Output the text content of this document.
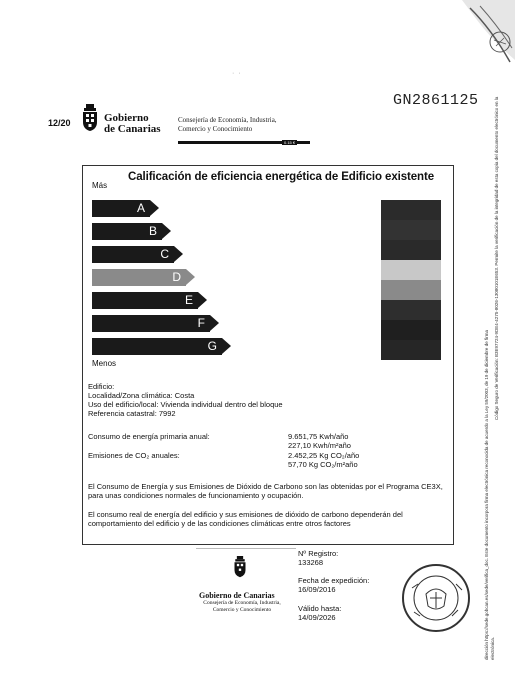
· ·
GN2861125
12/20	Gobierno
de Canarias
Consejería de Economía, Industria,
Comercio y Conocimiento
0.15 €
Calificación de eficiencia energética de Edificio existente
Más
Menos
A
B
C
D
E
F
G
Edificio:
Localidad/Zona climática: Costa
Uso del edificio/local: Vivienda individual dentro del bloque
Referencia catastral: 7992
Consumo de energía primaria anual:	9.651,75 Kwh/año
227,10 Kwh/m²año
Emisiones de CO₂ anuales:	2.452,25 Kg CO₂/año
57,70 Kg CO₂/m²año
El Consumo de Energía y sus Emisiones de Dióxido de Carbono son las obtenidas por el Programa CE3X,
para unas condiciones normales de funcionamiento y ocupación.
El consumo real de energía del edificio y sus emisiones de dióxido de carbono dependerán del
comportamiento del edificio y de las condiciones climáticas entre otros factores
Gobierno de Canarias
Consejería de Economía, Industria,
Comercio y Conocimiento
Nº Registro:
133268
Fecha de expedición:
16/09/2016
Válido hasta:
14/09/2026
Código Seguro de Verificación: B3E97724-9DE4-4275-8026-13080101E653. Permite la verificación de la integridad de esta copia del documento electrónico en la
dirección https://sede.gobcan.es/sede/verifica_doc. Este documento incorpora firma electrónica reconocida de acuerdo a la Ley 59/2003, de 19 de diciembre de firma electrónica.
